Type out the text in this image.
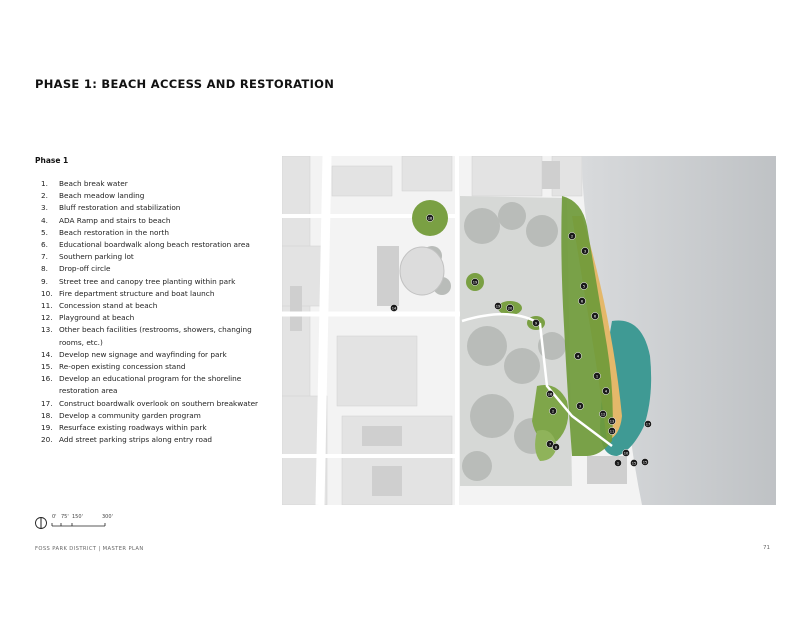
PHASE 1: BEACH ACCESS AND RESTORATION
Phase 1
1.	Beach break water
2.	Beach meadow landing
3.	Bluff restoration and stabilization
4.	ADA Ramp and stairs to beach
5.	Beach restoration in the north
6.	Educational boardwalk along beach restoration area
7.	Southern parking lot
8.	Drop-off circle
9.	Street tree and canopy tree planting within park
10. Fire department structure and boat launch
11. Concession stand at beach
12. Playground at beach
13. Other beach facilities (restrooms, showers, changing rooms, etc.)
14. Develop new signage and wayfinding for park
15. Re-open existing concession stand
16. Develop an educational program for the shoreline restoration area
17. Construct boardwalk overlook on southern breakwater
18. Develop a community garden program
19. Resurface existing roadways within park
20. Add street parking strips along entry road
0' 75' 150'	300'
FOSS PARK DISTRICT | MASTER PLAN	71
18
19
19 20
9
14
2
3
5
6
6
4
1
3
2
4
16
12
11
13
17
7
8
10
15 15
1
